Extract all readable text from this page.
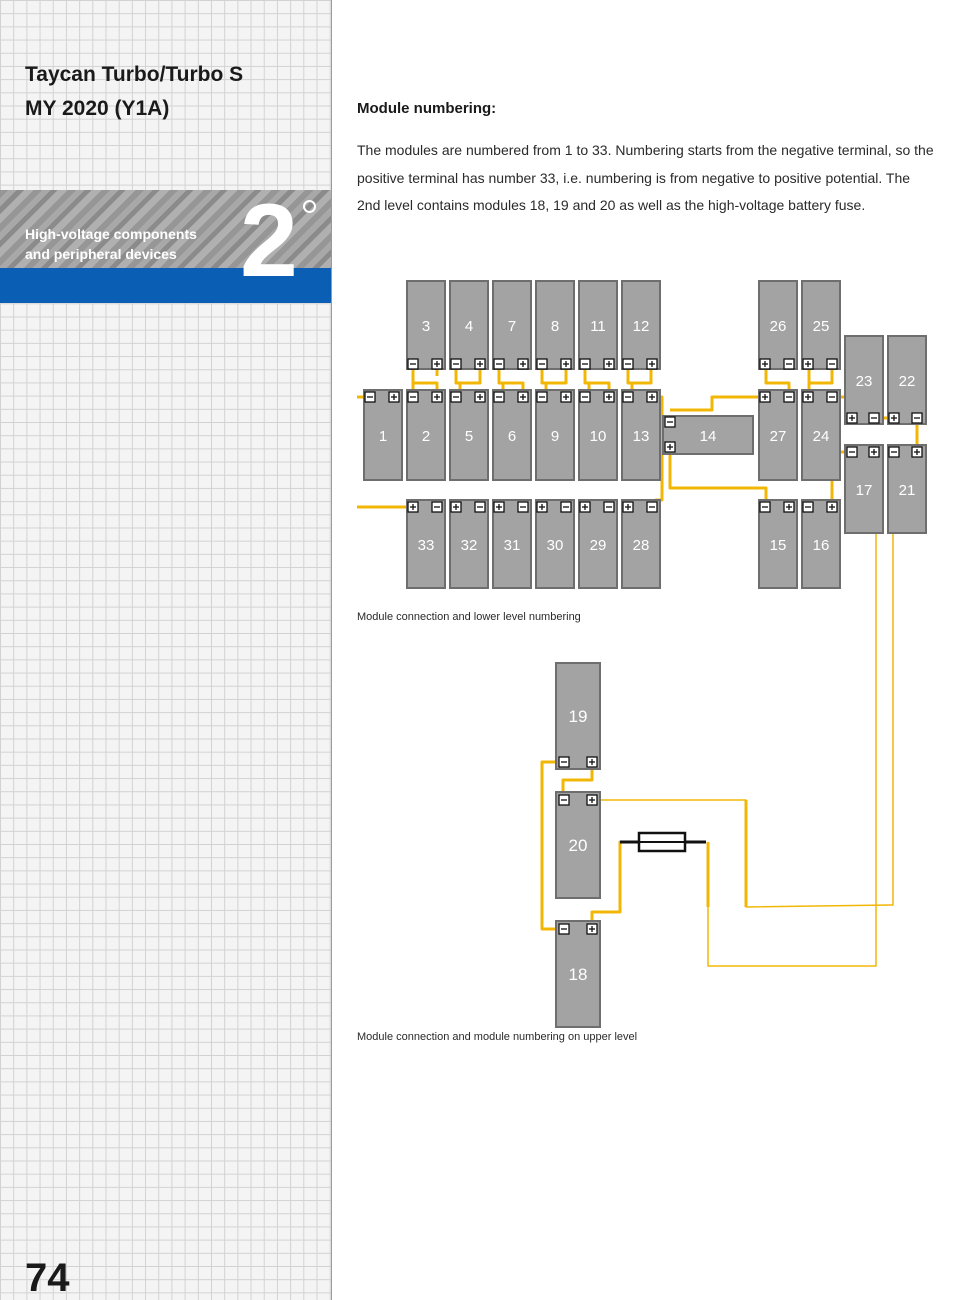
Taycan Turbo/Turbo S
MY 2020 (Y1A)
High-voltage components
and peripheral devices 2
74
Module numbering:
The modules are numbered from 1 to 33. Numbering starts from the negative terminal, so the positive terminal has number 33, i.e. numbering is from negative to positive potential. The 2nd level contains modules 18, 19 and 20 as well as the high-voltage battery fuse.
Module connection and lower level numbering
Module connection and module numbering on upper level
3 4 7 8 11 12	26 25
1 2 5 6 9 10 13	14	27 24
33 32 31 30 29 28	15 16
23 22
17 21
19
20
18
